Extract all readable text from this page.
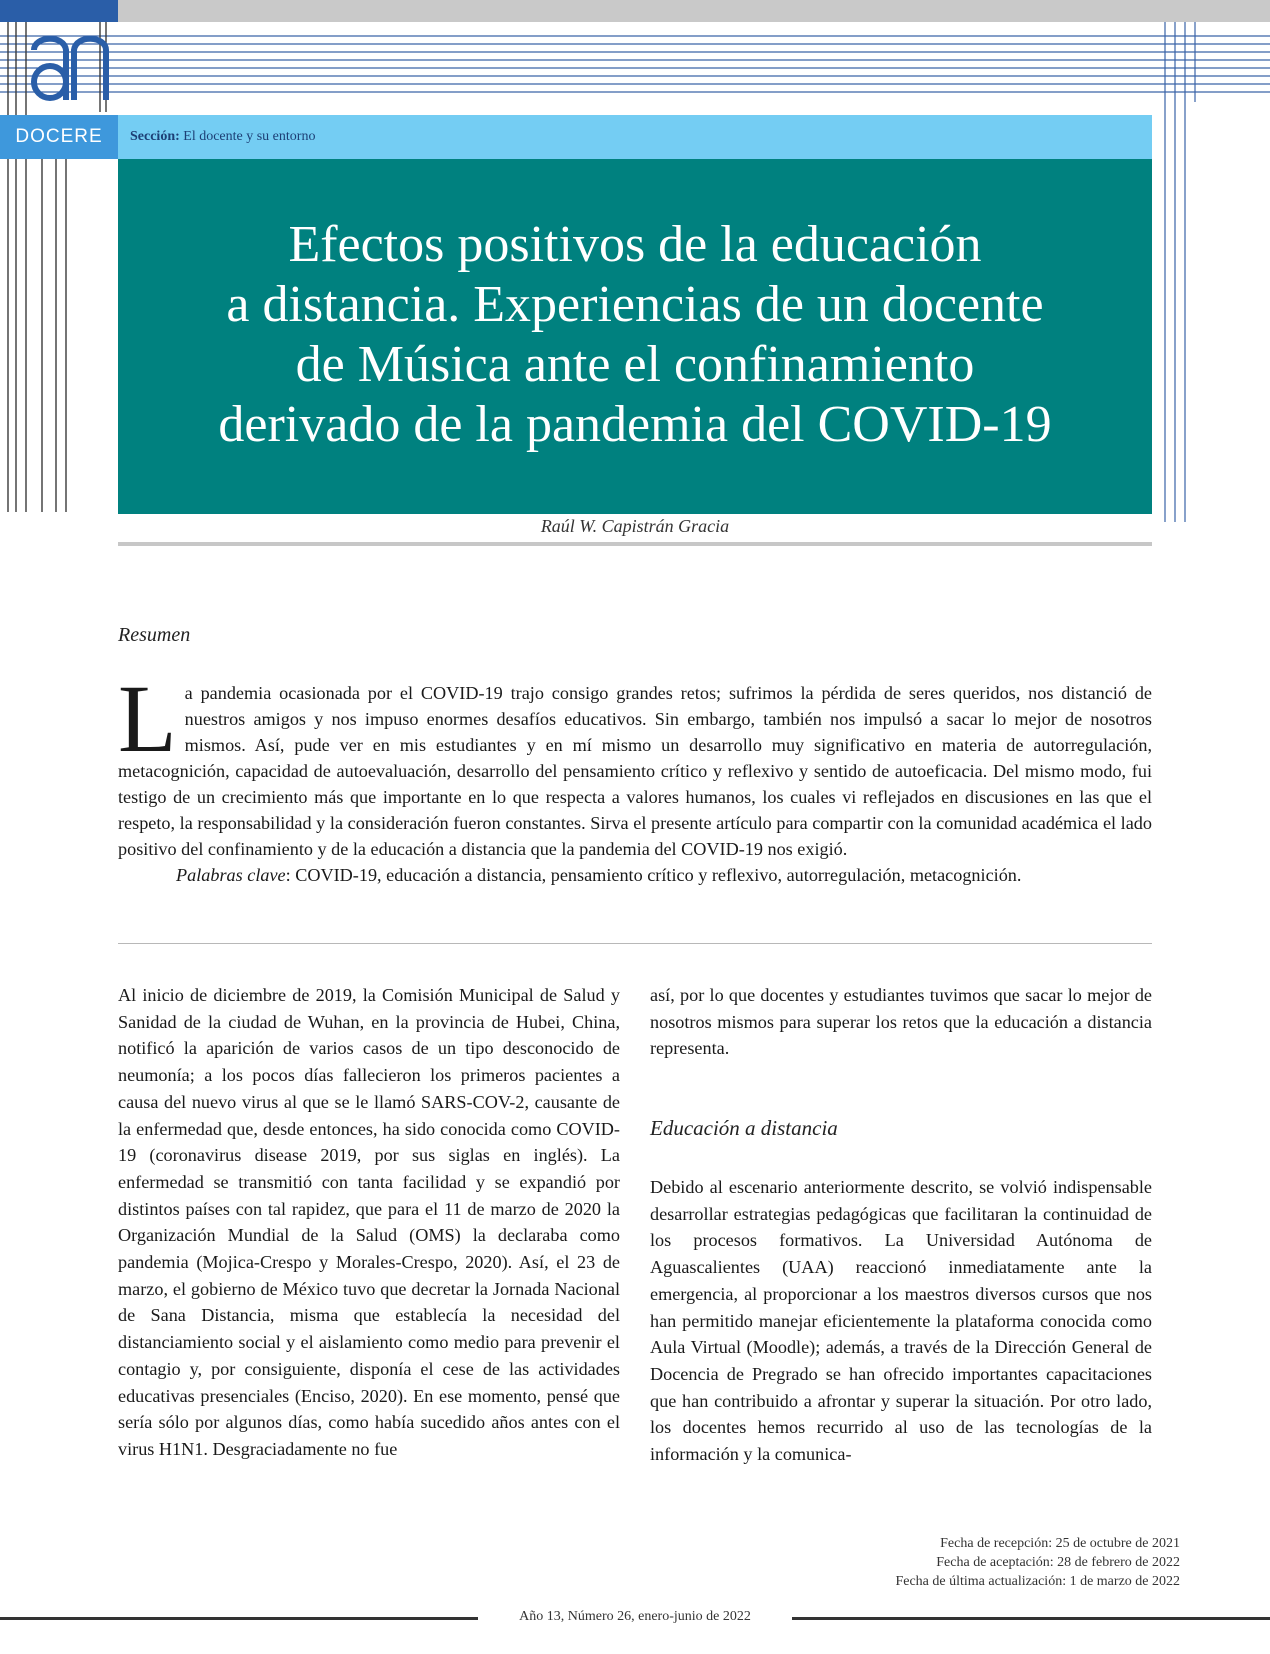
DOCERE	Sección: El docente y su entorno
Efectos positivos de la educación
a distancia. Experiencias de un docente
de Música ante el confinamiento
derivado de la pandemia del COVID-19
Raúl W. Capistrán Gracia
Resumen

L a pandemia ocasionada por el COVID-19 trajo consigo grandes retos; sufrimos la pérdida de seres queridos, nos distanció de nuestros amigos y nos impuso enormes desafíos educativos. Sin embargo, también nos impulsó a sacar lo mejor de nosotros mismos. Así, pude ver en mis estudiantes y en mí mismo un desarrollo muy significativo en materia de autorregulación, metacognición, capacidad de autoevaluación, desarrollo del pensamiento crítico y reflexivo y sentido de autoeficacia. Del mismo modo, fui testigo de un crecimiento más que importante en lo que respecta a valores humanos, los cuales vi reflejados en discusiones en las que el respeto, la responsabilidad y la consideración fueron constantes. Sirva el presente artículo para compartir con la comunidad académica el lado positivo del confinamiento y de la educación a distancia que la pandemia del COVID-19 nos exigió.

Palabras clave: COVID-19, educación a distancia, pensamiento crítico y reflexivo, autorregulación, metacognición.

Al inicio de diciembre de 2019, la Comisión Municipal de Salud y Sanidad de la ciudad de Wuhan, en la provincia de Hubei, China, notificó la aparición de varios casos de un tipo desconocido de neumonía; a los pocos días fallecieron los primeros pacientes a causa del nuevo virus al que se le llamó SARS-COV-2, causante de la enfermedad que, desde entonces, ha sido conocida como COVID-19 (coronavirus disease 2019, por sus siglas en inglés). La enfermedad se transmitió con tanta facilidad y se expandió por distintos países con tal rapidez, que para el 11 de marzo de 2020 la Organización Mundial de la Salud (OMS) la declaraba como pandemia (Mojica-Crespo y Morales-Crespo, 2020). Así, el 23 de marzo, el gobierno de México tuvo que decretar la Jornada Nacional de Sana Distancia, misma que establecía la necesidad del distanciamiento social y el aislamiento como medio para prevenir el contagio y, por consiguiente, disponía el cese de las actividades educativas presenciales (Enciso, 2020). En ese momento, pensé que sería sólo por algunos días, como había sucedido años antes con el virus H1N1. Desgraciadamente no fue

así, por lo que docentes y estudiantes tuvimos que sacar lo mejor de nosotros mismos para superar los retos que la educación a distancia representa.

Educación a distancia

Debido al escenario anteriormente descrito, se volvió indispensable desarrollar estrategias pedagógicas que facilitaran la continuidad de los procesos formativos. La Universidad Autónoma de Aguascalientes (UAA) reaccionó inmediatamente ante la emergencia, al proporcionar a los maestros diversos cursos que nos han permitido manejar eficientemente la plataforma conocida como Aula Virtual (Moodle); además, a través de la Dirección General de Docencia de Pregrado se han ofrecido importantes capacitaciones que han contribuido a afrontar y superar la situación. Por otro lado, los docentes hemos recurrido al uso de las tecnologías de la información y la comunica-

Fecha de recepción: 25 de octubre de 2021
Fecha de aceptación: 28 de febrero de 2022
Fecha de última actualización: 1 de marzo de 2022
Año 13, Número 26, enero-junio de 2022
